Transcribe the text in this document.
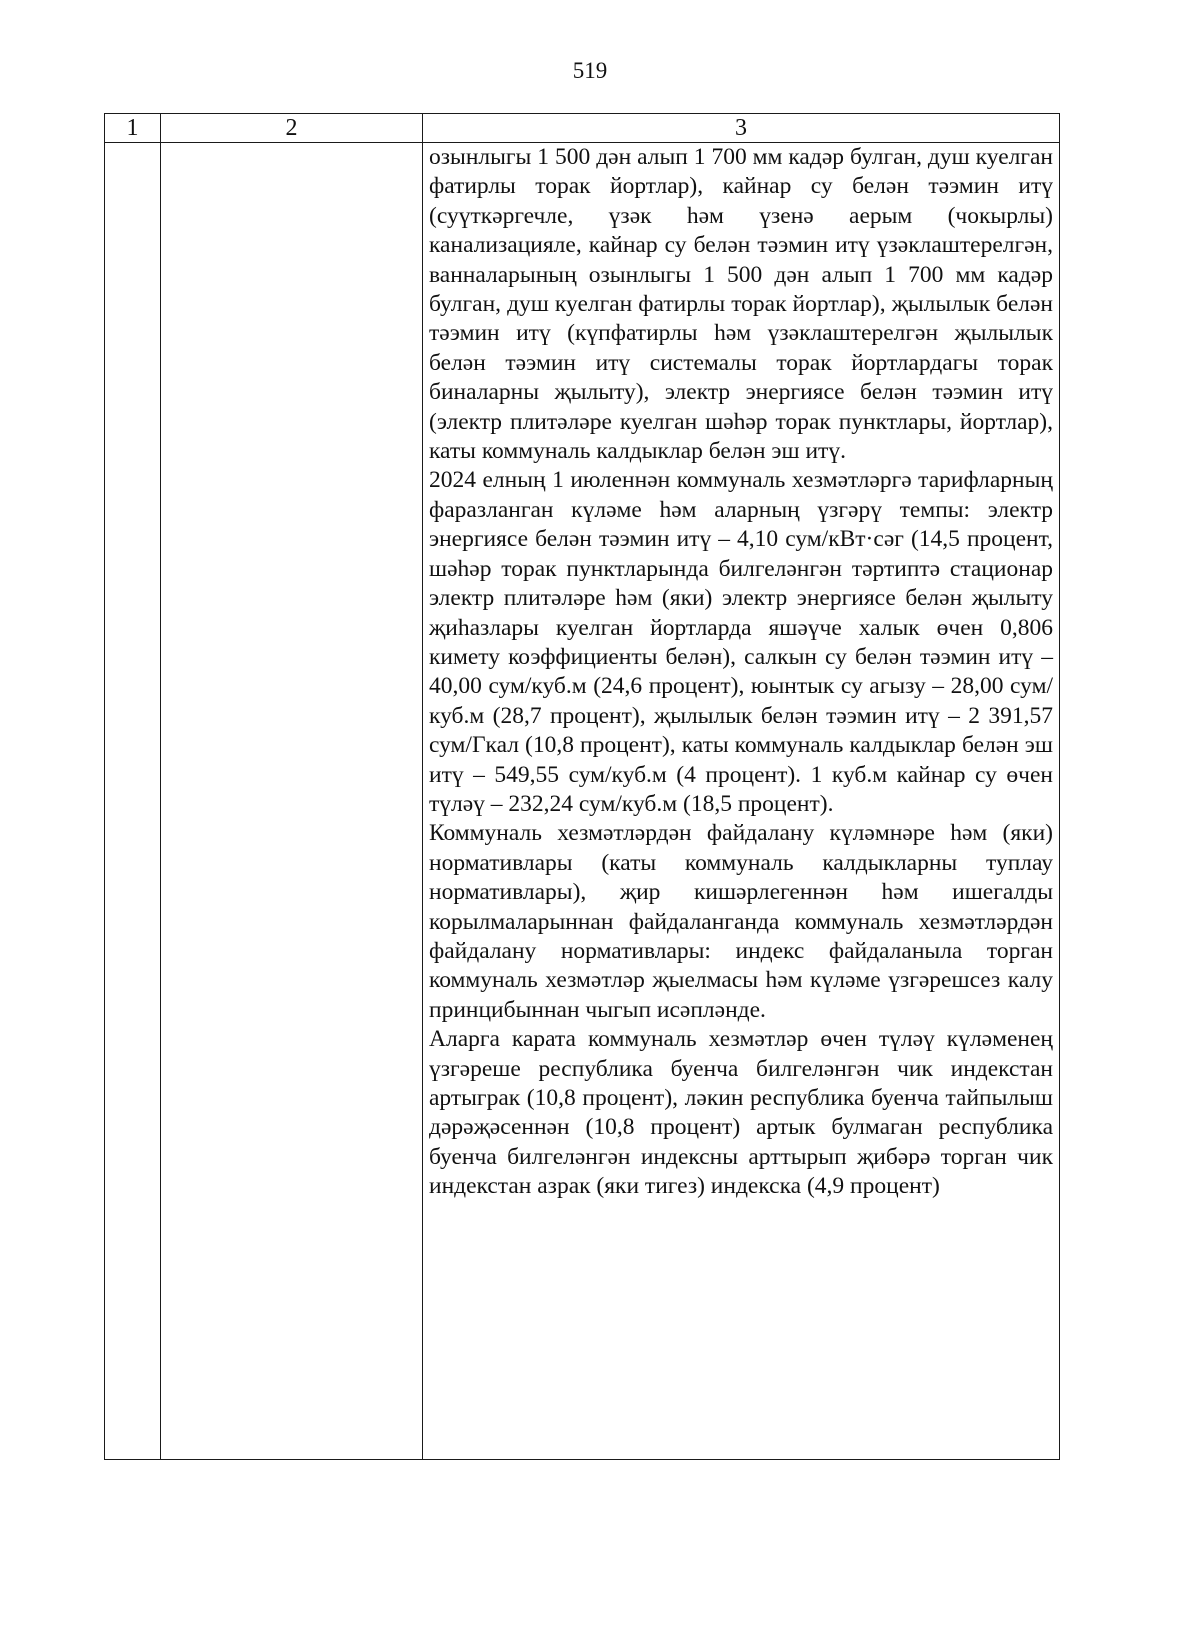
519
1	2	3

		озынлыгы 1 500 дән алып 1 700 мм кадәр булган, душ куелган фатирлы торак йортлар), кайнар су белән тәэмин итү (суүткәргечле, үзәк һәм үзенә аерым (чокырлы) канализацияле, кайнар су белән тәэмин итү үзәклаштерелгән, ванналарының озынлыгы 1 500 дән алып 1 700 мм кадәр булган, душ куелган фатирлы торак йортлар), җылылык белән тәэмин итү (күпфатирлы һәм үзәклаштерелгән җылылык белән тәэмин итү системалы торак йортлардагы торак биналарны җылыту), электр энергиясе белән тәэмин итү (электр плитәләре куелган шәһәр торак пунктлары, йортлар), каты коммуналь калдыклар белән эш итү.

2024 елның 1 июленнән коммуналь хезмәтләргә тарифларның фаразланган күләме һәм аларның үзгәрү темпы: электр энергиясе белән тәэмин итү – 4,10 сум/кВт·сәг (14,5 процент, шәһәр торак пунктларында билгеләнгән тәртиптә стационар электр плитәләре һәм (яки) электр энергиясе белән җылыту җиһазлары куелган йортларда яшәүче халык өчен 0,806 кимету коэффициенты белән), салкын су белән тәэмин итү – 40,00 сум/куб.м (24,6 процент), юынтык су агызу – 28,00 сум/куб.м (28,7 процент), җылылык белән тәэмин итү – 2 391,57 сум/Гкал (10,8 процент), каты коммуналь калдыклар белән эш итү – 549,55 сум/куб.м (4 процент). 1 куб.м кайнар су өчен түләү – 232,24 сум/куб.м (18,5 процент).

Коммуналь хезмәтләрдән файдалану күләмнәре һәм (яки) нормативлары (каты коммуналь калдыкларны туплау нормативлары), җир кишәрлегеннән һәм ишегалды корылмаларыннан файдаланганда коммуналь хезмәтләрдән файдалану нормативлары: индекс файдаланыла торган коммуналь хезмәтләр җыелмасы һәм күләме үзгәрешсез калу принцибыннан чыгып исәпләнде.

Аларга карата коммуналь хезмәтләр өчен түләү күләменең үзгәреше республика буенча билгеләнгән чик индекстан артыграк (10,8 процент), ләкин республика буенча тайпылыш дәрәҗәсеннән (10,8 процент) артык булмаган республика буенча билгеләнгән индексны арттырып җибәрә торган чик индекстан азрак (яки тигез) индекска (4,9 процент)
